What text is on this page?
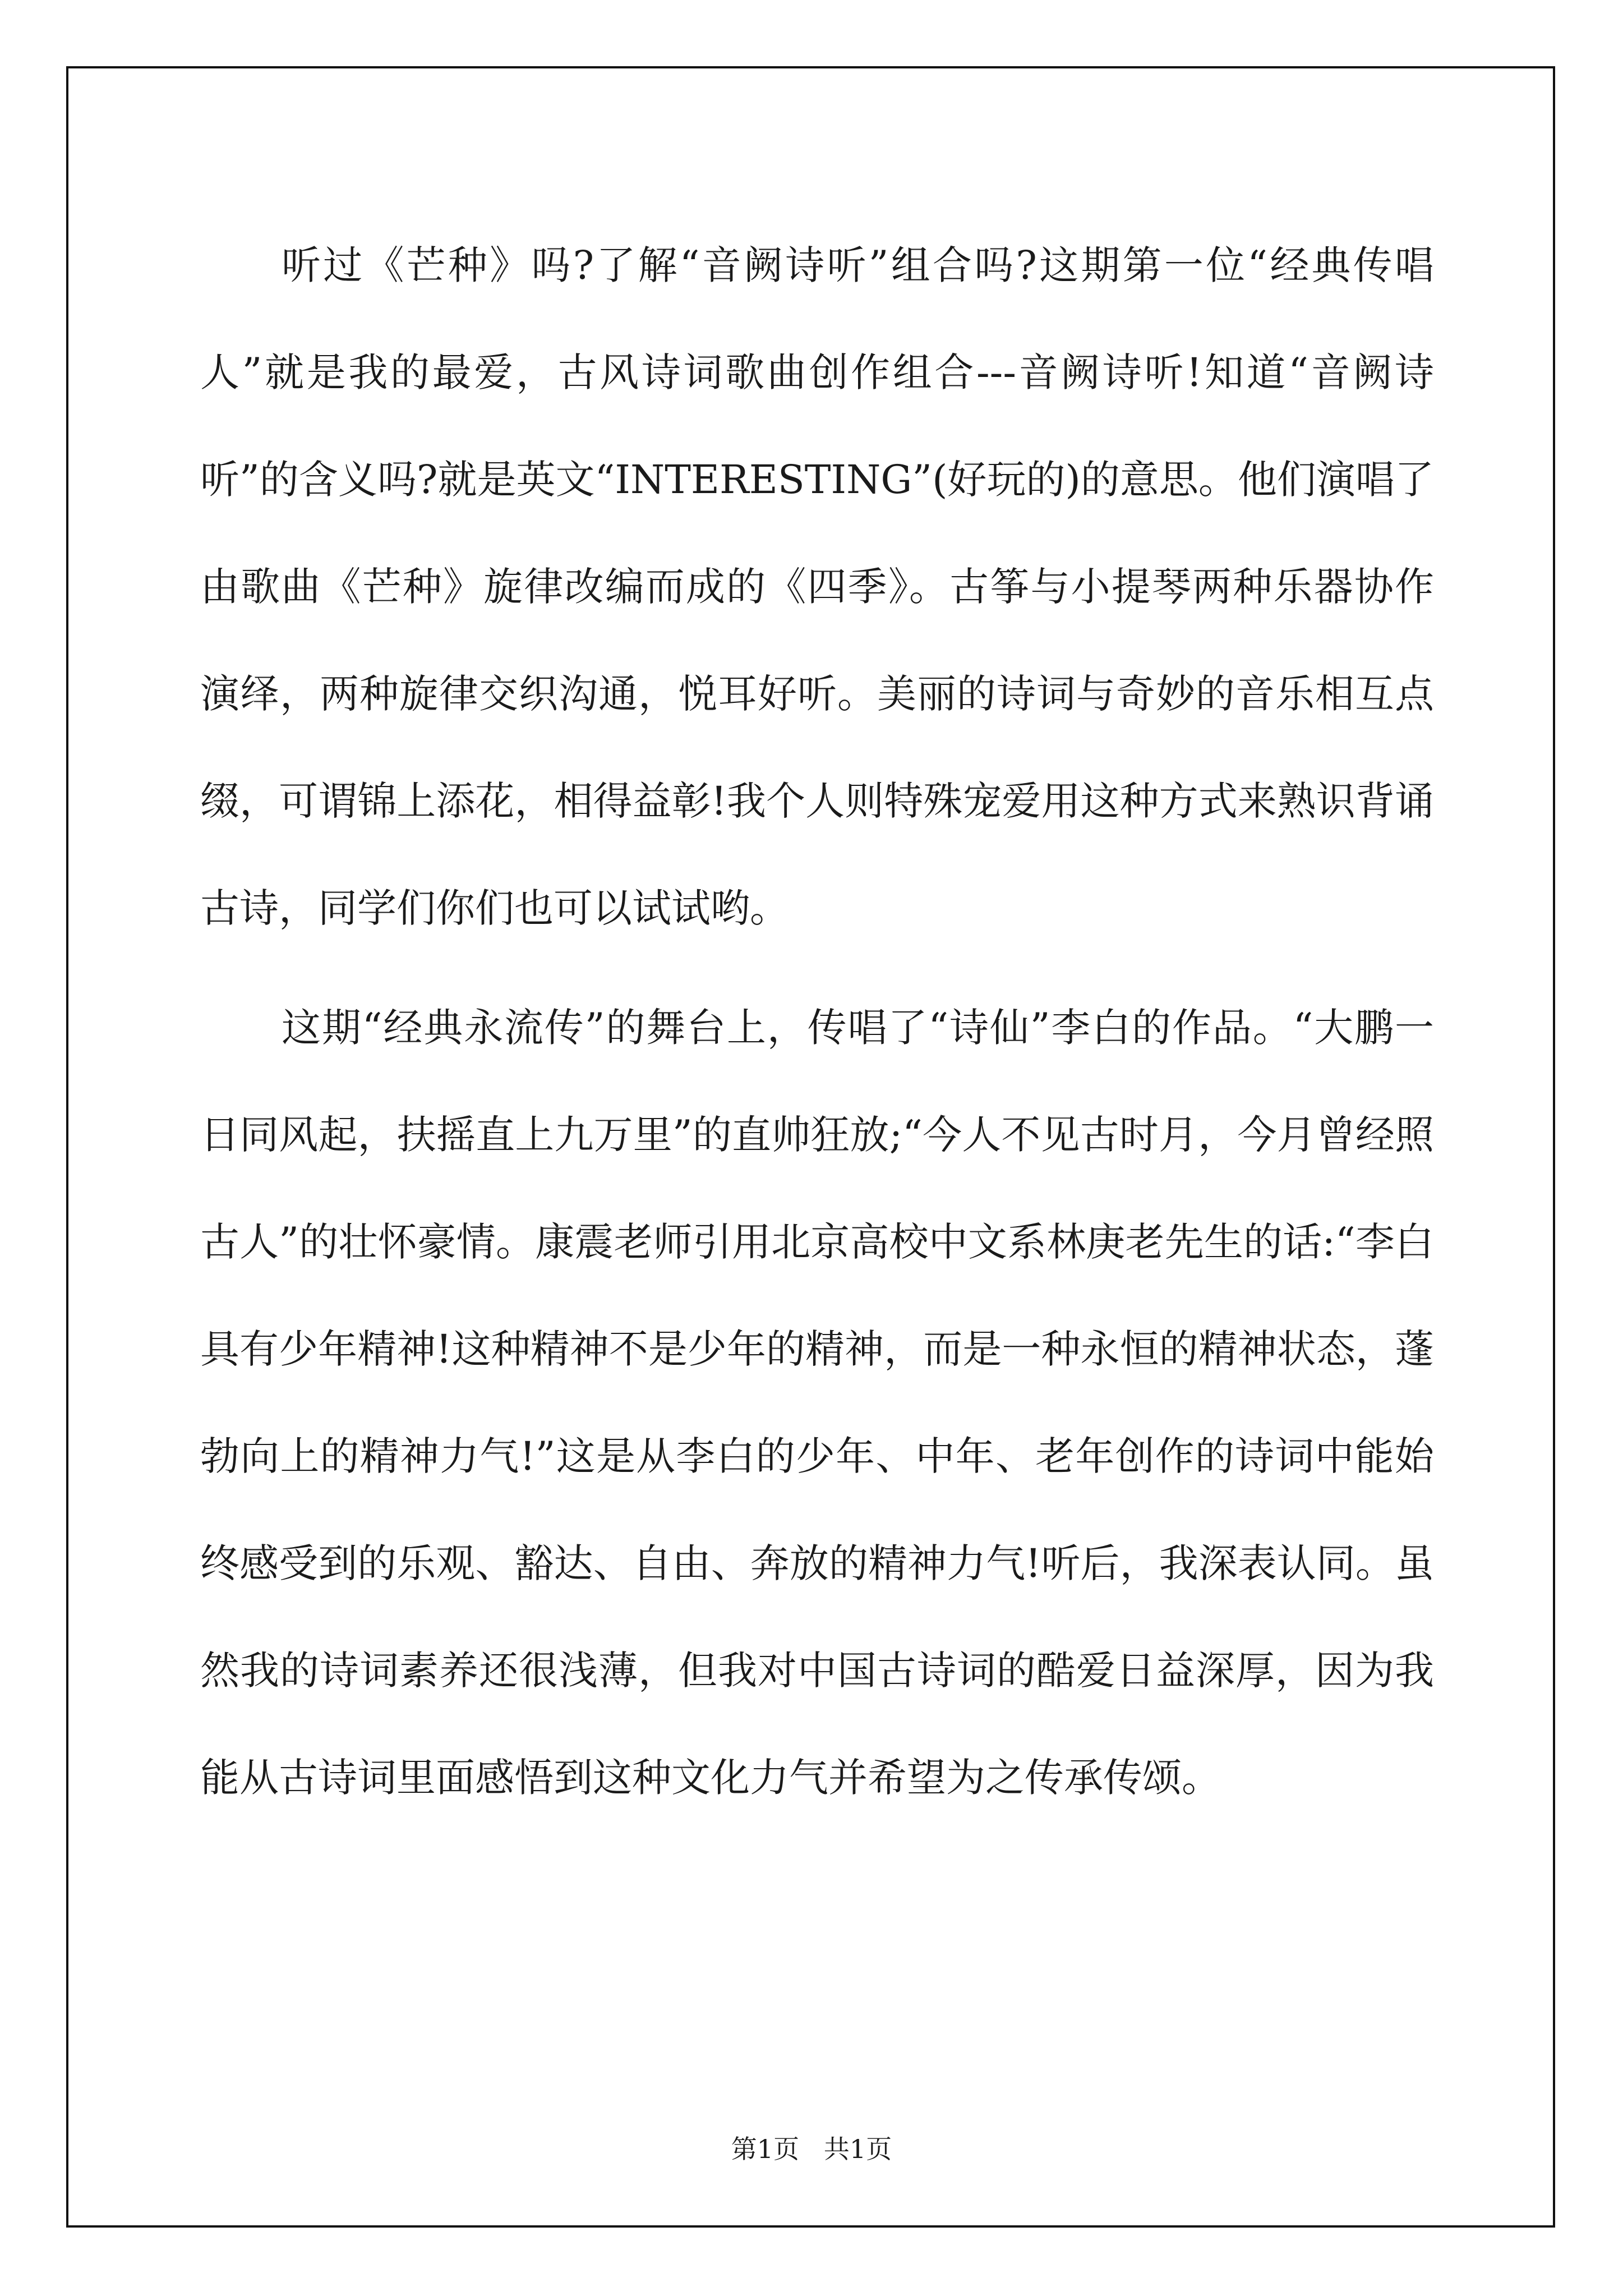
听过《芒种》吗?了解“音阙诗听”组合吗?这期第一位“经典传唱人”就是我的最爱，古风诗词歌曲创作组合---音阙诗听!知道“音阙诗听”的含义吗?就是英文“INTERESTING”(好玩的)的意思。他们演唱了由歌曲《芒种》旋律改编而成的《四季》。古筝与小提琴两种乐器协作演绎，两种旋律交织沟通，悦耳好听。美丽的诗词与奇妙的音乐相互点缀，可谓锦上添花，相得益彰!我个人则特殊宠爱用这种方式来熟识背诵古诗，同学们你们也可以试试哟。

这期“经典永流传”的舞台上，传唱了“诗仙”李白的作品。“大鹏一日同风起，扶摇直上九万里”的直帅狂放;“今人不见古时月，今月曾经照古人”的壮怀豪情。康震老师引用北京高校中文系林庚老先生的话:“李白具有少年精神!这种精神不是少年的精神，而是一种永恒的精神状态，蓬勃向上的精神力气!”这是从李白的少年、中年、老年创作的诗词中能始终感受到的乐观、豁达、自由、奔放的精神力气!听后，我深表认同。虽然我的诗词素养还很浅薄，但我对中国古诗词的酷爱日益深厚，因为我能从古诗词里面感悟到这种文化力气并希望为之传承传颂。

第1页   共1页
